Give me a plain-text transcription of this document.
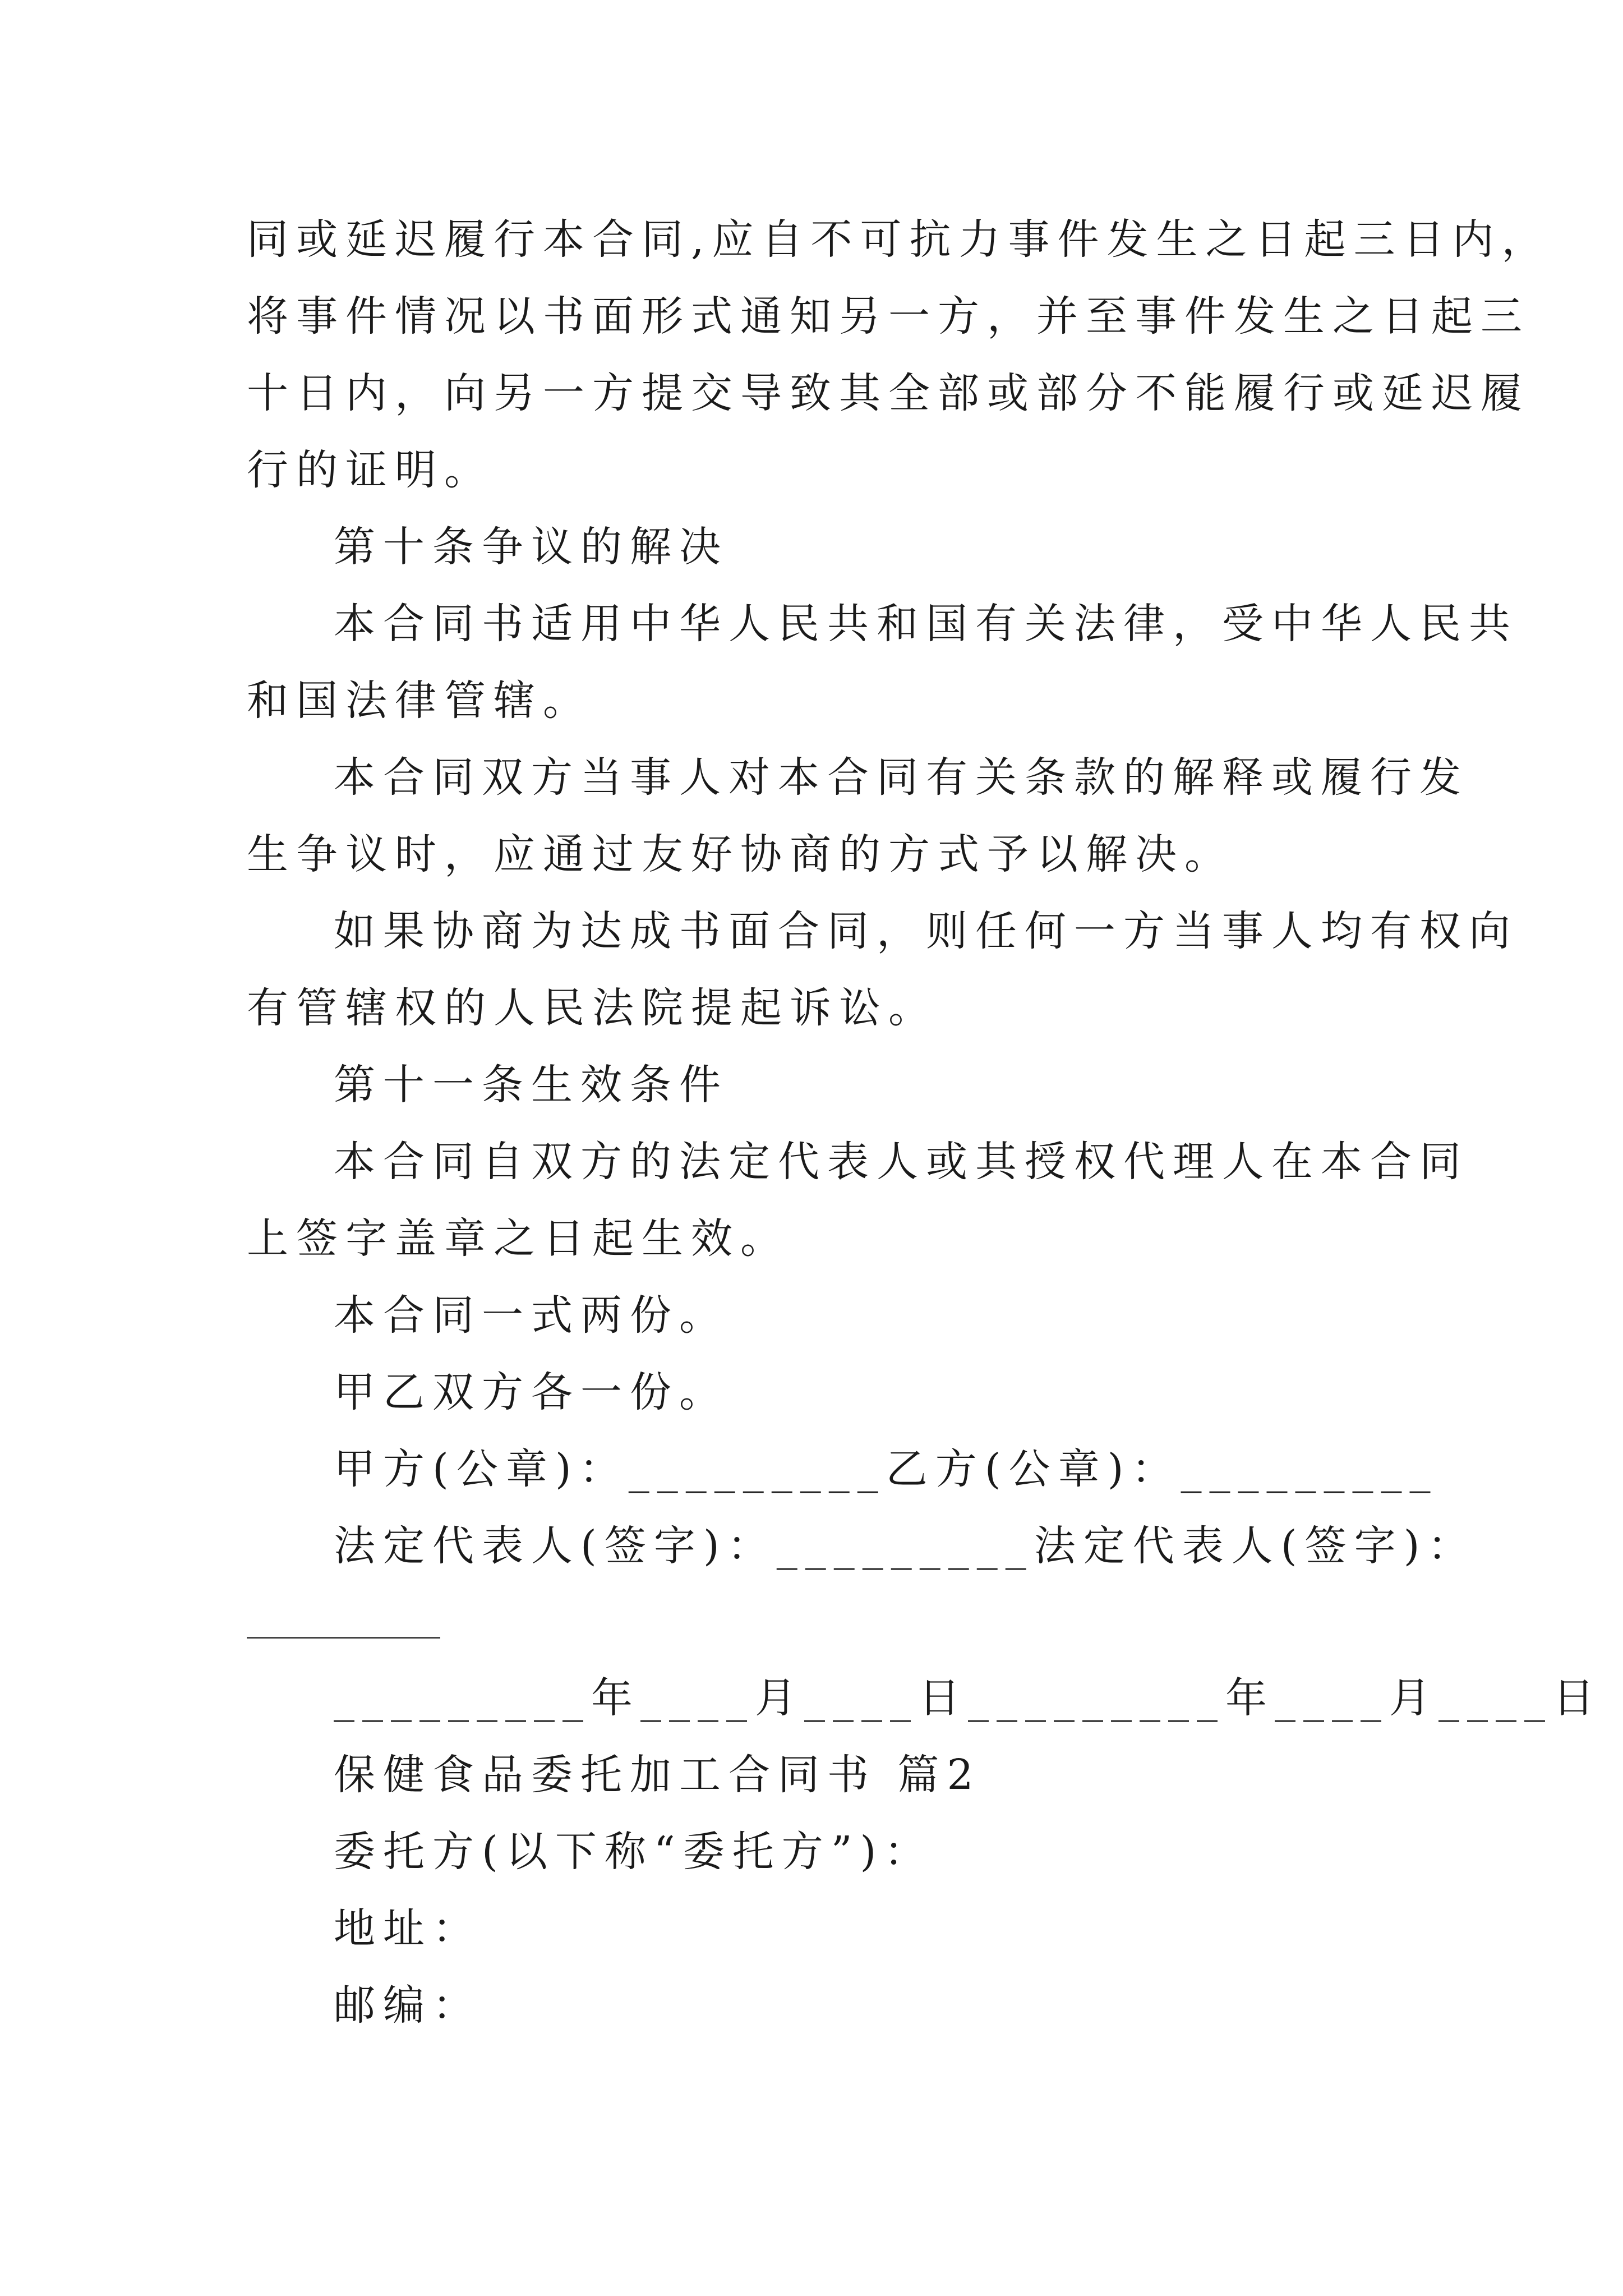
同或延迟履行本合同,应自不可抗力事件发生之日起三日内，
将事件情况以书面形式通知另一方，并至事件发生之日起三
十日内，向另一方提交导致其全部或部分不能履行或延迟履
行的证明。
第十条争议的解决
本合同书适用中华人民共和国有关法律，受中华人民共
和国法律管辖。
本合同双方当事人对本合同有关条款的解释或履行发
生争议时，应通过友好协商的方式予以解决。
如果协商为达成书面合同，则任何一方当事人均有权向
有管辖权的人民法院提起诉讼。
第十一条生效条件
本合同自双方的法定代表人或其授权代理人在本合同
上签字盖章之日起生效。
本合同一式两份。
甲乙双方各一份。
甲方(公章)：_________乙方(公章)：_________
法定代表人(签字)：_________法定代表人(签字)：
_________年____月____日_________年____月____日
保健食品委托加工合同书 篇2
委托方(以下称“委托方”)：
地址：
邮编：
